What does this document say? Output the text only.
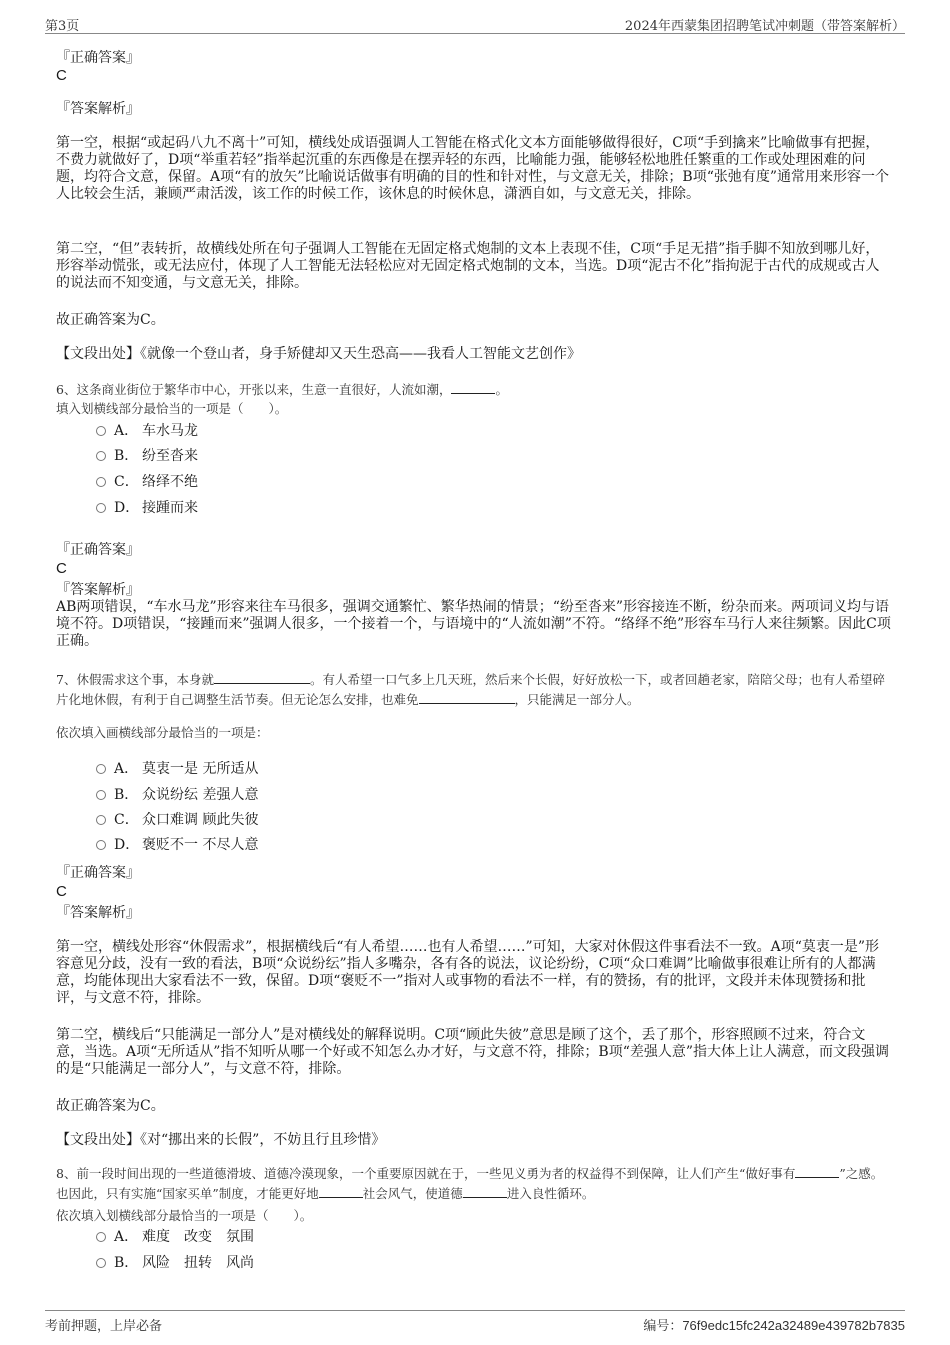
第3页	2024年西蒙集团招聘笔试冲刺题（带答案解析）
『正确答案』
C
『答案解析』
第一空，根据“或起码八九不离十”可知，横线处成语强调人工智能在格式化文本方面能够做得很好，C项“手到擒来”比喻做事有把握，不费力就做好了，D项“举重若轻”指举起沉重的东西像是在摆弄轻的东西，比喻能力强，能够轻松地胜任繁重的工作或处理困难的问题，均符合文意，保留。A项“有的放矢”比喻说话做事有明确的目的性和针对性，与文意无关，排除；B项“张弛有度”通常用来形容一个人比较会生活，兼顾严肃活泼，该工作的时候工作，该休息的时候休息，潇洒自如，与文意无关，排除。
第二空，“但”表转折，故横线处所在句子强调人工智能在无固定格式炮制的文本上表现不佳，C项“手足无措”指手脚不知放到哪儿好，形容举动慌张，或无法应付，体现了人工智能无法轻松应对无固定格式炮制的文本，当选。D项“泥古不化”指拘泥于古代的成规或古人的说法而不知变通，与文意无关，排除。
故正确答案为C。
【文段出处】《就像一个登山者，身手矫健却又天生恐高——我看人工智能文艺创作》
6、这条商业街位于繁华市中心，开张以来，生意一直很好，人流如潮，	。
填入划横线部分最恰当的一项是（　　）。
A． 车水马龙
B． 纷至沓来
C． 络绎不绝
D． 接踵而来
『正确答案』
C
『答案解析』
AB两项错误，“车水马龙”形容来往车马很多，强调交通繁忙、繁华热闹的情景；“纷至沓来”形容接连不断，纷杂而来。两项词义均与语境不符。D项错误，“接踵而来”强调人很多，一个接着一个，与语境中的“人流如潮”不符。“络绎不绝”形容车马行人来往频繁。因此C项正确。
7、休假需求这个事，本身就	。有人希望一口气多上几天班，然后来个长假，好好放松一下，或者回趟老家，陪陪父母；也有人希望碎片化地休假，有利于自己调整生活节奏。但无论怎么安排，也难免	，只能满足一部分人。
依次填入画横线部分最恰当的一项是：
A． 莫衷一是 无所适从
B． 众说纷纭 差强人意
C． 众口难调 顾此失彼
D． 褒贬不一 不尽人意
『正确答案』
C
『答案解析』
第一空，横线处形容“休假需求”，根据横线后“有人希望……也有人希望……”可知，大家对休假这件事看法不一致。A项“莫衷一是”形容意见分歧，没有一致的看法，B项“众说纷纭”指人多嘴杂，各有各的说法，议论纷纷，C项“众口难调”比喻做事很难让所有的人都满意，均能体现出大家看法不一致，保留。D项“褒贬不一”指对人或事物的看法不一样，有的赞扬，有的批评，文段并未体现赞扬和批评，与文意不符，排除。
第二空，横线后“只能满足一部分人”是对横线处的解释说明。C项“顾此失彼”意思是顾了这个，丢了那个，形容照顾不过来，符合文意，当选。A项“无所适从”指不知听从哪一个好或不知怎么办才好，与文意不符，排除；B项“差强人意”指大体上让人满意，而文段强调的是“只能满足一部分人”，与文意不符，排除。
故正确答案为C。
【文段出处】《对“挪出来的长假”，不妨且行且珍惜》
8、前一段时间出现的一些道德滑坡、道德冷漠现象，一个重要原因就在于，一些见义勇为者的权益得不到保障，让人们产生“做好事有	”之感。也因此，只有实施“国家买单”制度，才能更好地	社会风气，使道德	进入良性循环。
依次填入划横线部分最恰当的一项是（　　）。
A． 难度　改变　氛围
B． 风险　扭转　风尚
考前押题，上岸必备	编号：76f9edc15fc242a32489e439782b7835
